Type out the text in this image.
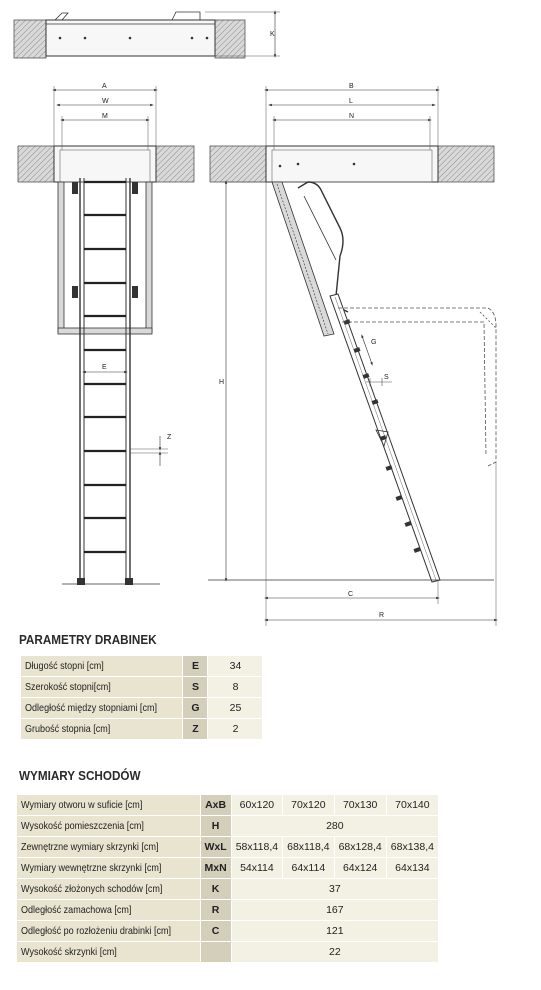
K
A
W
M
E
Z
B
L
N
H
G
S
C
R
PARAMETRY DRABINEK
Długość stopni [cm]	E	34
Szerokość stopni[cm]	S	8
Odległość między stopniami [cm]	G	25
Grubość stopnia [cm]	Z	2
WYMIARY SCHODÓW
Wymiary otworu w suficie [cm]	AxB	60x120	70x120	70x130	70x140
Wysokość pomieszczenia [cm]	H	280			
Zewnętrzne wymiary skrzynki [cm]	WxL	58x118,4	68x118,4	68x128,4	68x138,4
Wymiary wewnętrzne skrzynki [cm]	MxN	54x114	64x114	64x124	64x134
Wysokość złożonych schodów [cm]	K	37			
Odległość zamachowa [cm]	R	167			
Odległość po rozłożeniu drabinki [cm]	C	121			
Wysokość skrzynki [cm]		22			
